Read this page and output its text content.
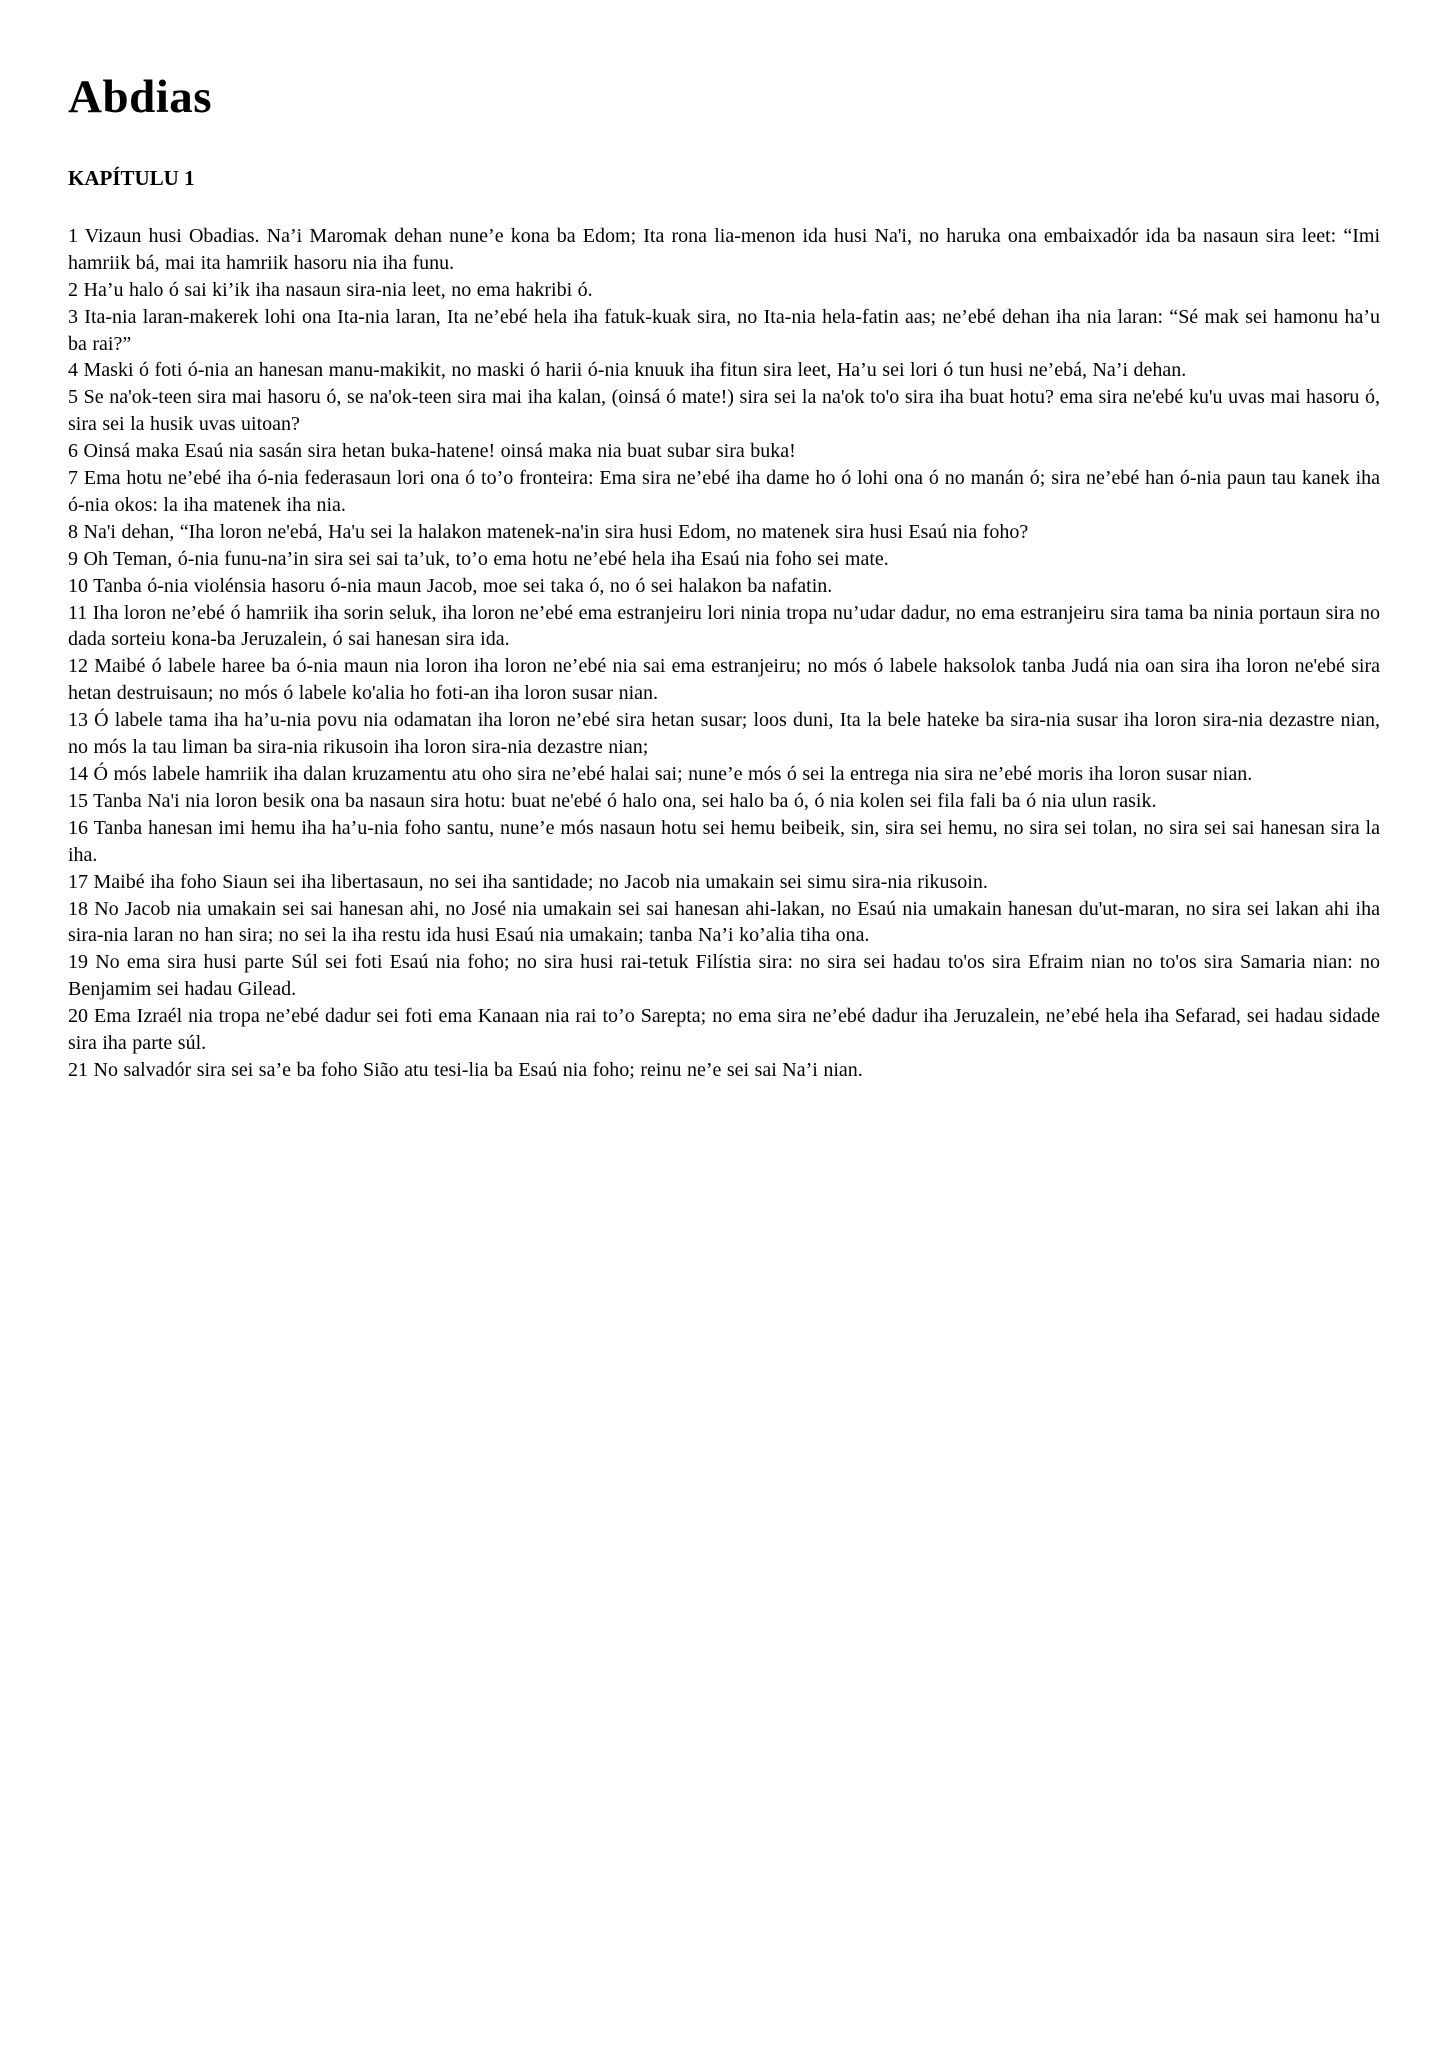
Abdias
KAPÍTULU 1

1 Vizaun husi Obadias. Na’i Maromak dehan nune’e kona ba Edom; Ita rona lia-menon ida husi Na'i, no haruka ona embaixadór ida ba nasaun sira leet: “Imi hamriik bá, mai ita hamriik hasoru nia iha funu.

2 Ha’u halo ó sai ki’ik iha nasaun sira-nia leet, no ema hakribi ó.

3 Ita-nia laran-makerek lohi ona Ita-nia laran, Ita ne’ebé hela iha fatuk-kuak sira, no Ita-nia hela-fatin aas; ne’ebé dehan iha nia laran: “Sé mak sei hamonu ha’u ba rai?”

4 Maski ó foti ó-nia an hanesan manu-makikit, no maski ó harii ó-nia knuuk iha fitun sira leet, Ha’u sei lori ó tun husi ne’ebá, Na’i dehan.

5 Se na'ok-teen sira mai hasoru ó, se na'ok-teen sira mai iha kalan, (oinsá ó mate!) sira sei la na'ok to'o sira iha buat hotu? ema sira ne'ebé ku'u uvas mai hasoru ó, sira sei la husik uvas uitoan?

6 Oinsá maka Esaú nia sasán sira hetan buka-hatene! oinsá maka nia buat subar sira buka!

7 Ema hotu ne’ebé iha ó-nia federasaun lori ona ó to’o fronteira: Ema sira ne’ebé iha dame ho ó lohi ona ó no manán ó; sira ne’ebé han ó-nia paun tau kanek iha ó-nia okos: la iha matenek iha nia.

8 Na'i dehan, “Iha loron ne'ebá, Ha'u sei la halakon matenek-na'in sira husi Edom, no matenek sira husi Esaú nia foho?

9 Oh Teman, ó-nia funu-na’in sira sei sai ta’uk, to’o ema hotu ne’ebé hela iha Esaú nia foho sei mate.

10 Tanba ó-nia violénsia hasoru ó-nia maun Jacob, moe sei taka ó, no ó sei halakon ba nafatin.

11 Iha loron ne’ebé ó hamriik iha sorin seluk, iha loron ne’ebé ema estranjeiru lori ninia tropa nu’udar dadur, no ema estranjeiru sira tama ba ninia portaun sira no dada sorteiu kona-ba Jeruzalein, ó sai hanesan sira ida.

12 Maibé ó labele haree ba ó-nia maun nia loron iha loron ne’ebé nia sai ema estranjeiru; no mós ó labele haksolok tanba Judá nia oan sira iha loron ne'ebé sira hetan destruisaun; no mós ó labele ko'alia ho foti-an iha loron susar nian.

13 Ó labele tama iha ha’u-nia povu nia odamatan iha loron ne’ebé sira hetan susar; loos duni, Ita la bele hateke ba sira-nia susar iha loron sira-nia dezastre nian, no mós la tau liman ba sira-nia rikusoin iha loron sira-nia dezastre nian;

14 Ó mós labele hamriik iha dalan kruzamentu atu oho sira ne’ebé halai sai; nune’e mós ó sei la entrega nia sira ne’ebé moris iha loron susar nian.

15 Tanba Na'i nia loron besik ona ba nasaun sira hotu: buat ne'ebé ó halo ona, sei halo ba ó, ó nia kolen sei fila fali ba ó nia ulun rasik.

16 Tanba hanesan imi hemu iha ha’u-nia foho santu, nune’e mós nasaun hotu sei hemu beibeik, sin, sira sei hemu, no sira sei tolan, no sira sei sai hanesan sira la iha.

17 Maibé iha foho Siaun sei iha libertasaun, no sei iha santidade; no Jacob nia umakain sei simu sira-nia rikusoin.

18 No Jacob nia umakain sei sai hanesan ahi, no José nia umakain sei sai hanesan ahi-lakan, no Esaú nia umakain hanesan du'ut-maran, no sira sei lakan ahi iha sira-nia laran no han sira; no sei la iha restu ida husi Esaú nia umakain; tanba Na’i ko’alia tiha ona.

19 No ema sira husi parte Súl sei foti Esaú nia foho; no sira husi rai-tetuk Filístia sira: no sira sei hadau to'os sira Efraim nian no to'os sira Samaria nian: no Benjamim sei hadau Gilead.

20 Ema Izraél nia tropa ne’ebé dadur sei foti ema Kanaan nia rai to’o Sarepta; no ema sira ne’ebé dadur iha Jeruzalein, ne’ebé hela iha Sefarad, sei hadau sidade sira iha parte súl.

21 No salvadór sira sei sa’e ba foho Sião atu tesi-lia ba Esaú nia foho; reinu ne’e sei sai Na’i nian.
